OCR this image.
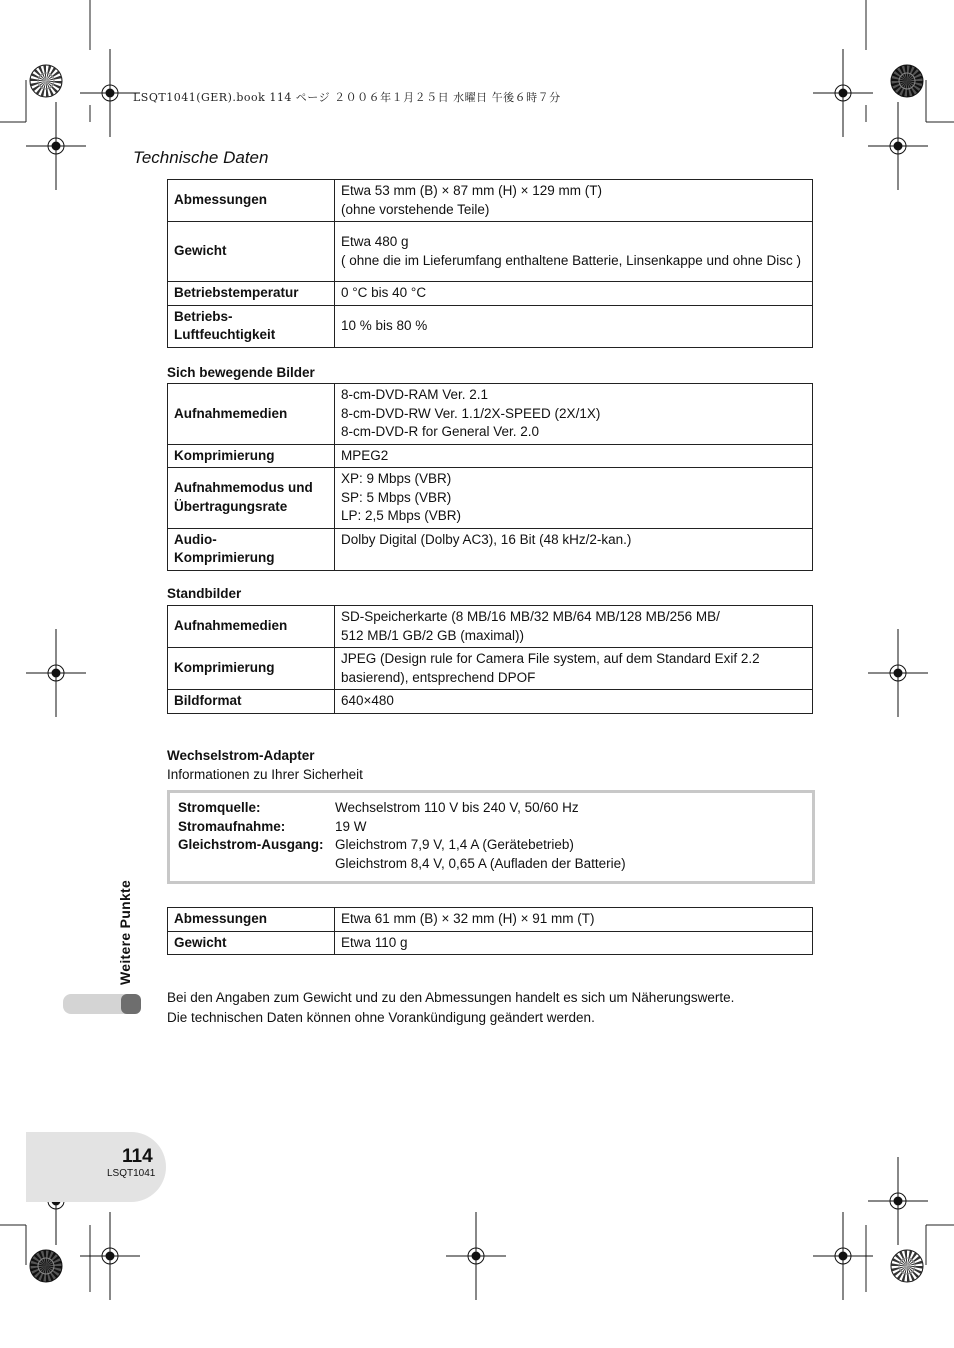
LSQT1041(GER).book 114 ページ ２００６年１月２５日 水曜日 午後６時７分
Technische Daten
Abmessungen	Etwa 53 mm (B) × 87 mm (H) × 129 mm (T)
(ohne vorstehende Teile)
Gewicht	Etwa 480 g
( ohne die im Lieferumfang enthaltene Batterie, Linsenkappe und ohne Disc )
Betriebstemperatur	0 °C bis 40 °C
Betriebs-
Luftfeuchtigkeit	10 % bis 80 %
Sich bewegende Bilder
Aufnahmemedien	8-cm-DVD-RAM Ver. 2.1
8-cm-DVD-RW Ver. 1.1/2X-SPEED (2X/1X)
8-cm-DVD-R for General Ver. 2.0
Komprimierung	MPEG2
Aufnahmemodus und
Übertragungsrate	XP: 9 Mbps (VBR)
SP: 5 Mbps (VBR)
LP: 2,5 Mbps (VBR)
Audio-
Komprimierung	Dolby Digital (Dolby AC3), 16 Bit (48 kHz/2-kan.)
Standbilder
Aufnahmemedien	SD-Speicherkarte (8 MB/16 MB/32 MB/64 MB/128 MB/256 MB/
512 MB/1 GB/2 GB (maximal))
Komprimierung	JPEG (Design rule for Camera File system, auf dem Standard Exif 2.2
basierend), entsprechend DPOF
Bildformat	640×480
Wechselstrom-Adapter
Informationen zu Ihrer Sicherheit
Stromquelle:	Wechselstrom 110 V bis 240 V, 50/60 Hz
Stromaufnahme:	19 W
Gleichstrom-Ausgang: Gleichstrom 7,9 V, 1,4 A (Gerätebetrieb)
Gleichstrom 8,4 V, 0,65 A (Aufladen der Batterie)
Abmessungen	Etwa 61 mm (B) × 32 mm (H) × 91 mm (T)
Gewicht	Etwa 110 g
Bei den Angaben zum Gewicht und zu den Abmessungen handelt es sich um Näherungswerte.
Die technischen Daten können ohne Vorankündigung geändert werden.
Weitere Punkte
114
LSQT1041
